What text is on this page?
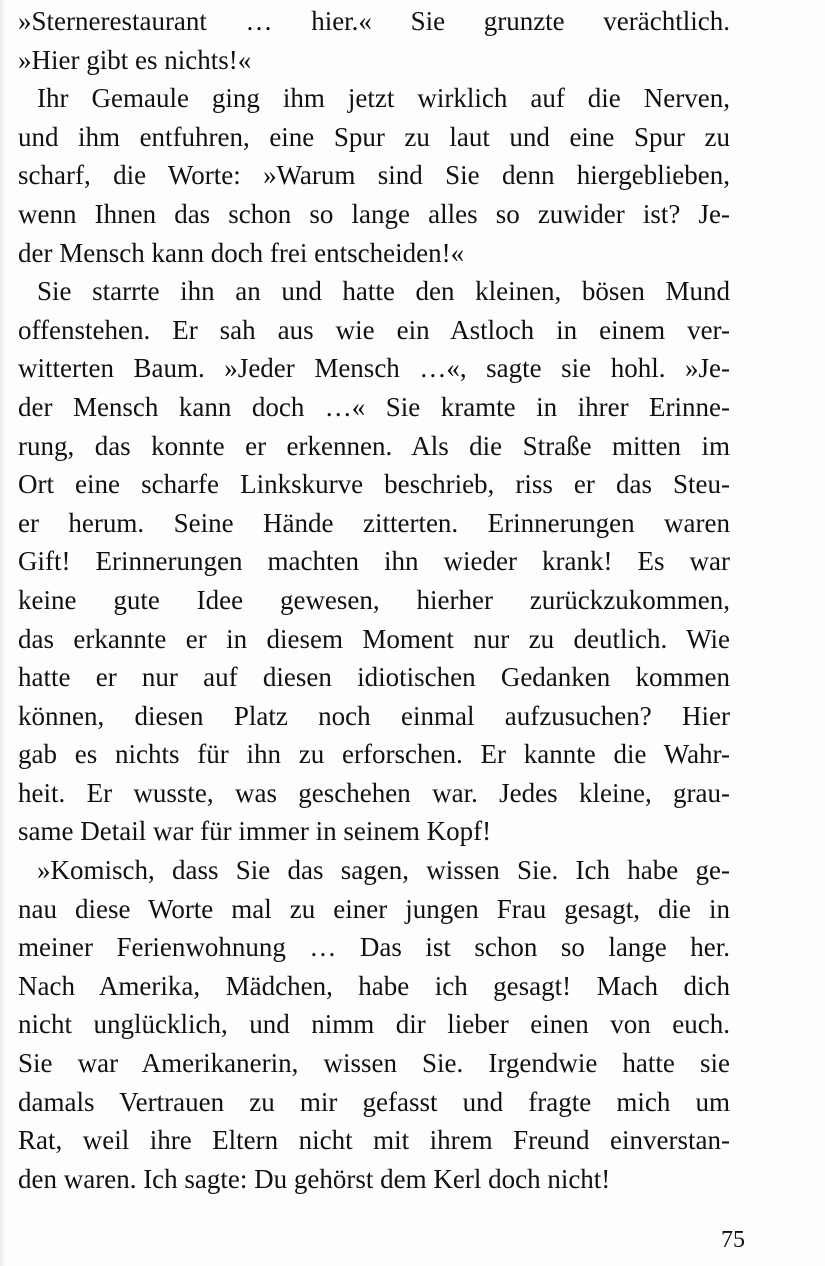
»Sternerestaurant … hier.« Sie grunzte verächtlich.
»Hier gibt es nichts!«
Ihr Gemaule ging ihm jetzt wirklich auf die Nerven,
und ihm entfuhren, eine Spur zu laut und eine Spur zu
scharf, die Worte: »Warum sind Sie denn hiergeblieben,
wenn Ihnen das schon so lange alles so zuwider ist? Je-
der Mensch kann doch frei entscheiden!«
Sie starrte ihn an und hatte den kleinen, bösen Mund
offenstehen. Er sah aus wie ein Astloch in einem ver-
witterten Baum. »Jeder Mensch …«, sagte sie hohl. »Je-
der Mensch kann doch …« Sie kramte in ihrer Erinne-
rung, das konnte er erkennen. Als die Straße mitten im
Ort eine scharfe Linkskurve beschrieb, riss er das Steu-
er herum. Seine Hände zitterten. Erinnerungen waren
Gift! Erinnerungen machten ihn wieder krank! Es war
keine gute Idee gewesen, hierher zurückzukommen,
das erkannte er in diesem Moment nur zu deutlich. Wie
hatte er nur auf diesen idiotischen Gedanken kommen
können, diesen Platz noch einmal aufzusuchen? Hier
gab es nichts für ihn zu erforschen. Er kannte die Wahr-
heit. Er wusste, was geschehen war. Jedes kleine, grau-
same Detail war für immer in seinem Kopf!
»Komisch, dass Sie das sagen, wissen Sie. Ich habe ge-
nau diese Worte mal zu einer jungen Frau gesagt, die in
meiner Ferienwohnung … Das ist schon so lange her.
Nach Amerika, Mädchen, habe ich gesagt! Mach dich
nicht unglücklich, und nimm dir lieber einen von euch.
Sie war Amerikanerin, wissen Sie. Irgendwie hatte sie
damals Vertrauen zu mir gefasst und fragte mich um
Rat, weil ihre Eltern nicht mit ihrem Freund einverstan-
den waren. Ich sagte: Du gehörst dem Kerl doch nicht!
75
